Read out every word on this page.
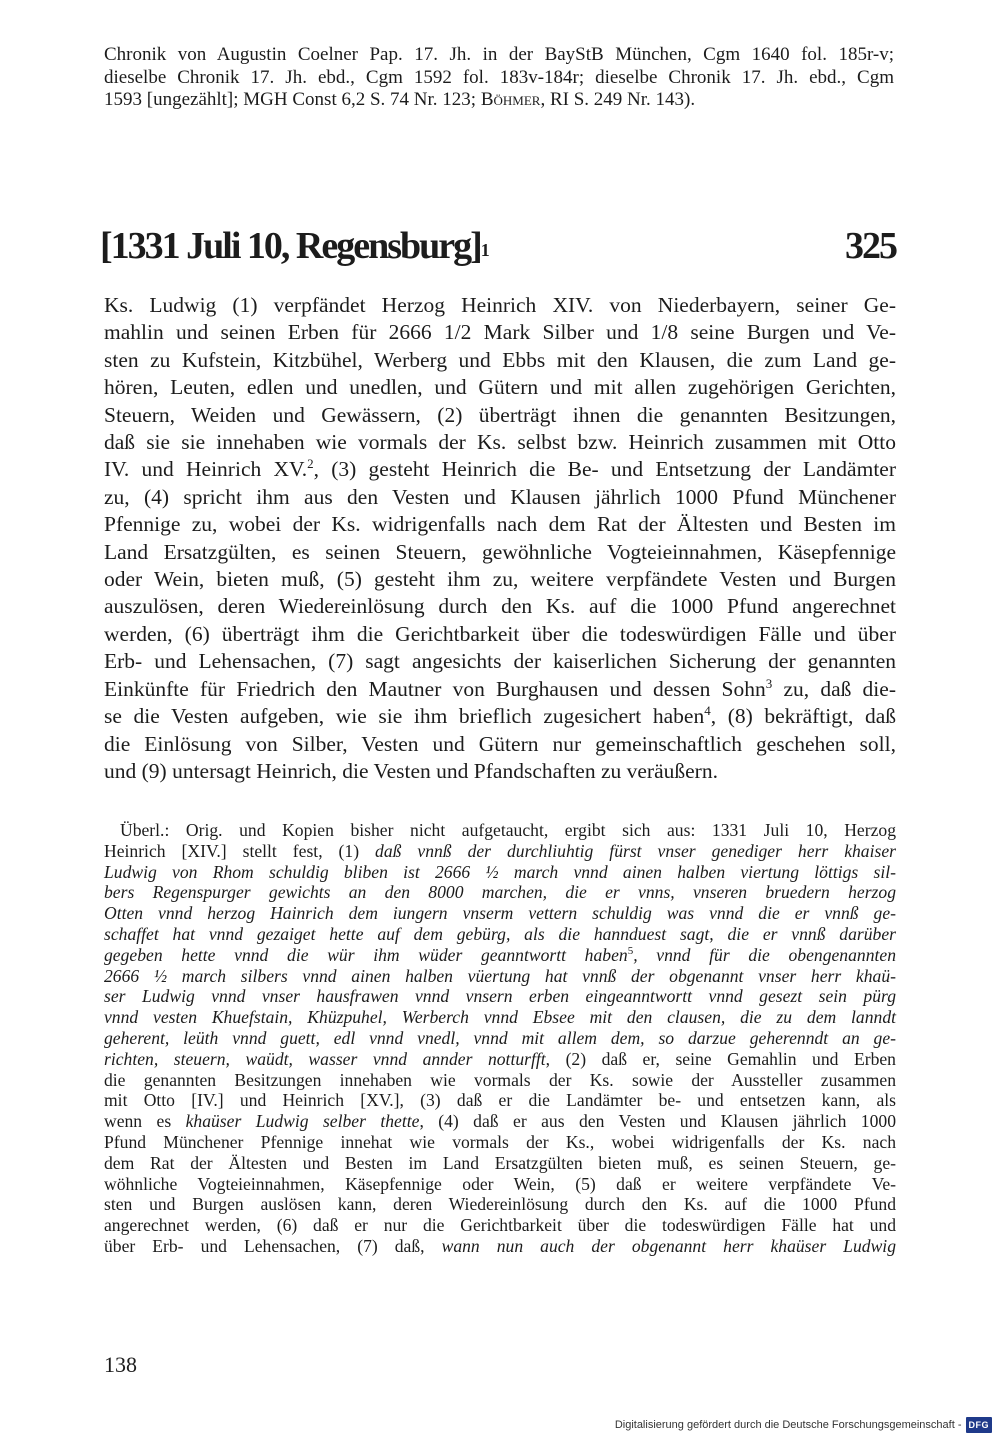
Chronik von Augustin Coelner Pap. 17. Jh. in der BayStB München, Cgm 1640 fol. 185r-v;
dieselbe Chronik 17. Jh. ebd., Cgm 1592 fol. 183v-184r; dieselbe Chronik 17. Jh. ebd., Cgm
1593 [ungezählt]; MGH Const 6,2 S. 74 Nr. 123; Böhmer, RI S. 249 Nr. 143).
[1331 Juli 10, Regensburg]$^1$	325
Ks. Ludwig (1) verpfändet Herzog Heinrich XIV. von Niederbayern, seiner Ge-
mahlin und seinen Erben für 2666 1/2 Mark Silber und 1/8 seine Burgen und Ve-
sten zu Kufstein, Kitzbühel, Werberg und Ebbs mit den Klausen, die zum Land ge-
hören, Leuten, edlen und unedlen, und Gütern und mit allen zugehörigen Gerichten,
Steuern, Weiden und Gewässern, (2) überträgt ihnen die genannten Besitzungen,
daß sie sie innehaben wie vormals der Ks. selbst bzw. Heinrich zusammen mit Otto
IV. und Heinrich XV.$^2$, (3) gesteht Heinrich die Be- und Entsetzung der Landämter
zu, (4) spricht ihm aus den Vesten und Klausen jährlich 1000 Pfund Münchener
Pfennige zu, wobei der Ks. widrigenfalls nach dem Rat der Ältesten und Besten im
Land Ersatzgülten, es seinen Steuern, gewöhnliche Vogteieinnahmen, Käsepfennige
oder Wein, bieten muß, (5) gesteht ihm zu, weitere verpfändete Vesten und Burgen
auszulösen, deren Wiedereinlösung durch den Ks. auf die 1000 Pfund angerechnet
werden, (6) überträgt ihm die Gerichtbarkeit über die todeswürdigen Fälle und über
Erb- und Lehensachen, (7) sagt angesichts der kaiserlichen Sicherung der genannten
Einkünfte für Friedrich den Mautner von Burghausen und dessen Sohn$^3$ zu, daß die-
se die Vesten aufgeben, wie sie ihm brieflich zugesichert haben$^4$, (8) bekräftigt, daß
die Einlösung von Silber, Vesten und Gütern nur gemeinschaftlich geschehen soll,
und (9) untersagt Heinrich, die Vesten und Pfandschaften zu veräußern.
Überl.: Orig. und Kopien bisher nicht aufgetaucht, ergibt sich aus: 1331 Juli 10, Herzog
Heinrich [XIV.] stellt fest, (1) daß vnnß der durchliuhtig fürst vnser genediger herr khaiser
Ludwig von Rhom schuldig bliben ist 2666 ½ march vnnd ainen halben viertung löttigs sil-
bers Regenspurger gewichts an den 8000 marchen, die er vnns, vnseren bruedern herzog
Otten vnnd herzog Hainrich dem iungern vnserm vettern schuldig was vnnd die er vnnß ge-
schaffet hat vnnd gezaiget hette auf dem gebürg, als die hannduest sagt, die er vnnß darüber
gegeben hette vnnd die wür ihm wüder geanntwortt haben$^5$, vnnd für die obengenannten
2666 ½ march silbers vnnd ainen halben vüertung hat vnnß der obgenannt vnser herr khaü-
ser Ludwig vnnd vnser hausfrawen vnnd vnsern erben eingeanntwortt vnnd gesezt sein pürg
vnnd vesten Khuefstain, Khüzpuhel, Werberch vnnd Ebsee mit den clausen, die zu dem lanndt
geherent, leüth vnnd guett, edl vnnd vnedl, vnnd mit allem dem, so darzue geherenndt an ge-
richten, steuern, waüdt, wasser vnnd annder notturfft, (2) daß er, seine Gemahlin und Erben
die genannten Besitzungen innehaben wie vormals der Ks. sowie der Aussteller zusammen
mit Otto [IV.] und Heinrich [XV.], (3) daß er die Landämter be- und entsetzen kann, als
wenn es khaüser Ludwig selber thette, (4) daß er aus den Vesten und Klausen jährlich 1000
Pfund Münchener Pfennige innehat wie vormals der Ks., wobei widrigenfalls der Ks. nach
dem Rat der Ältesten und Besten im Land Ersatzgülten bieten muß, es seinen Steuern, ge-
wöhnliche Vogteieinnahmen, Käsepfennige oder Wein, (5) daß er weitere verpfändete Ve-
sten und Burgen auslösen kann, deren Wiedereinlösung durch den Ks. auf die 1000 Pfund
angerechnet werden, (6) daß er nur die Gerichtbarkeit über die todeswürdigen Fälle hat und
über Erb- und Lehensachen, (7) daß, wann nun auch der obgenannt herr khaüser Ludwig
138
Digitalisierung gefördert durch die Deutsche Forschungsgemeinschaft - DFG
